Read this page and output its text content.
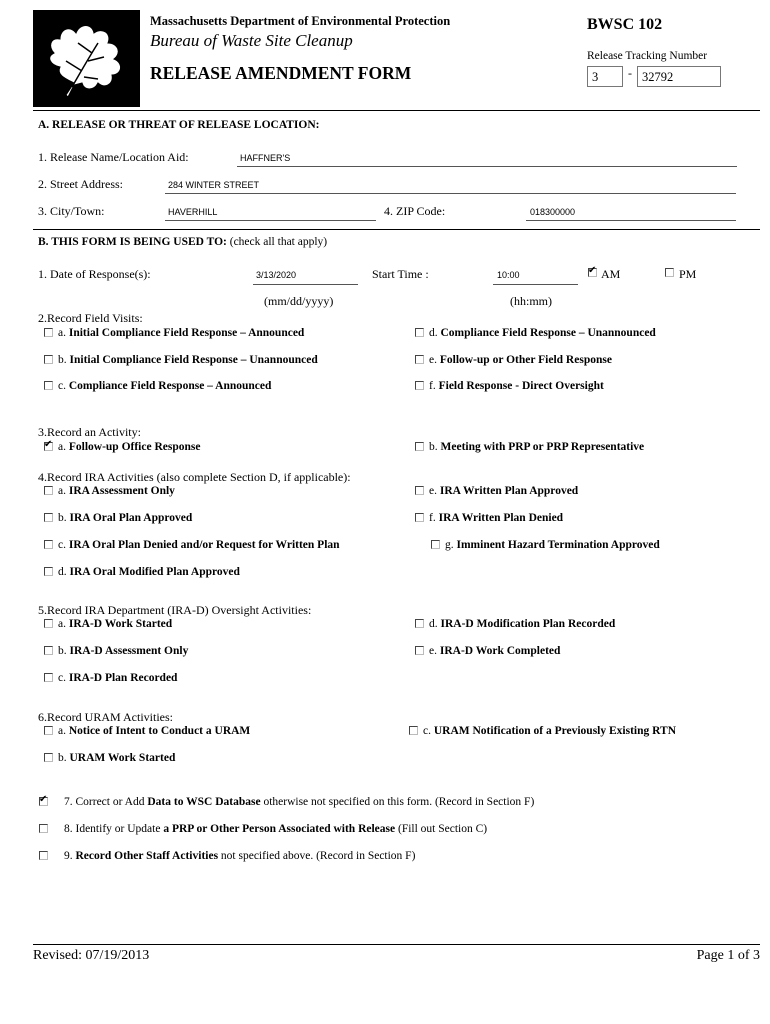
Massachusetts Department of Environmental Protection
Bureau of Waste Site Cleanup
RELEASE AMENDMENT FORM
BWSC 102
Release Tracking Number
3	- 32792
A. RELEASE OR THREAT OF RELEASE LOCATION:
1. Release Name/Location Aid:	HAFFNER'S
2. Street Address:	284 WINTER STREET
3. City/Town:	HAVERHILL	4. ZIP Code:	018300000
B. THIS FORM IS BEING USED TO: (check all that apply)
1. Date of Response(s):	3/13/2020
(mm/dd/yyyy)
Start Time :	10:00
(hh:mm)
✔
AM	PM
2.Record Field Visits:
a. Initial Compliance Field Response – Announced
b. Initial Compliance Field Response – Unannounced
c. Compliance Field Response – Announced
d. Compliance Field Response – Unannounced
e. Follow-up or Other Field Response
f. Field Response - Direct Oversight
3.Record an Activity:
✔
a. Follow-up Office Response	b. Meeting with PRP or PRP Representative
4.Record IRA Activities (also complete Section D, if applicable):
a. IRA Assessment Only
b. IRA Oral Plan Approved
c. IRA Oral Plan Denied and/or Request for Written Plan
d. IRA Oral Modified Plan Approved
e. IRA Written Plan Approved
f. IRA Written Plan Denied
g. Imminent Hazard Termination Approved
5.Record IRA Department (IRA-D) Oversight Activities:
a. IRA-D Work Started
b. IRA-D Assessment Only
c. IRA-D Plan Recorded
d. IRA-D Modification Plan Recorded
e. IRA-D Work Completed
6.Record URAM Activities:
a. Notice of Intent to Conduct a URAM
b. URAM Work Started
c. URAM Notification of a Previously Existing RTN
✔
7. Correct or Add Data to WSC Database otherwise not specified on this form. (Record in Section F)
8. Identify or Update a PRP or Other Person Associated with Release (Fill out Section C)
9. Record Other Staff Activities not specified above. (Record in Section F)
Revised: 07/19/2013	Page 1 of 3
